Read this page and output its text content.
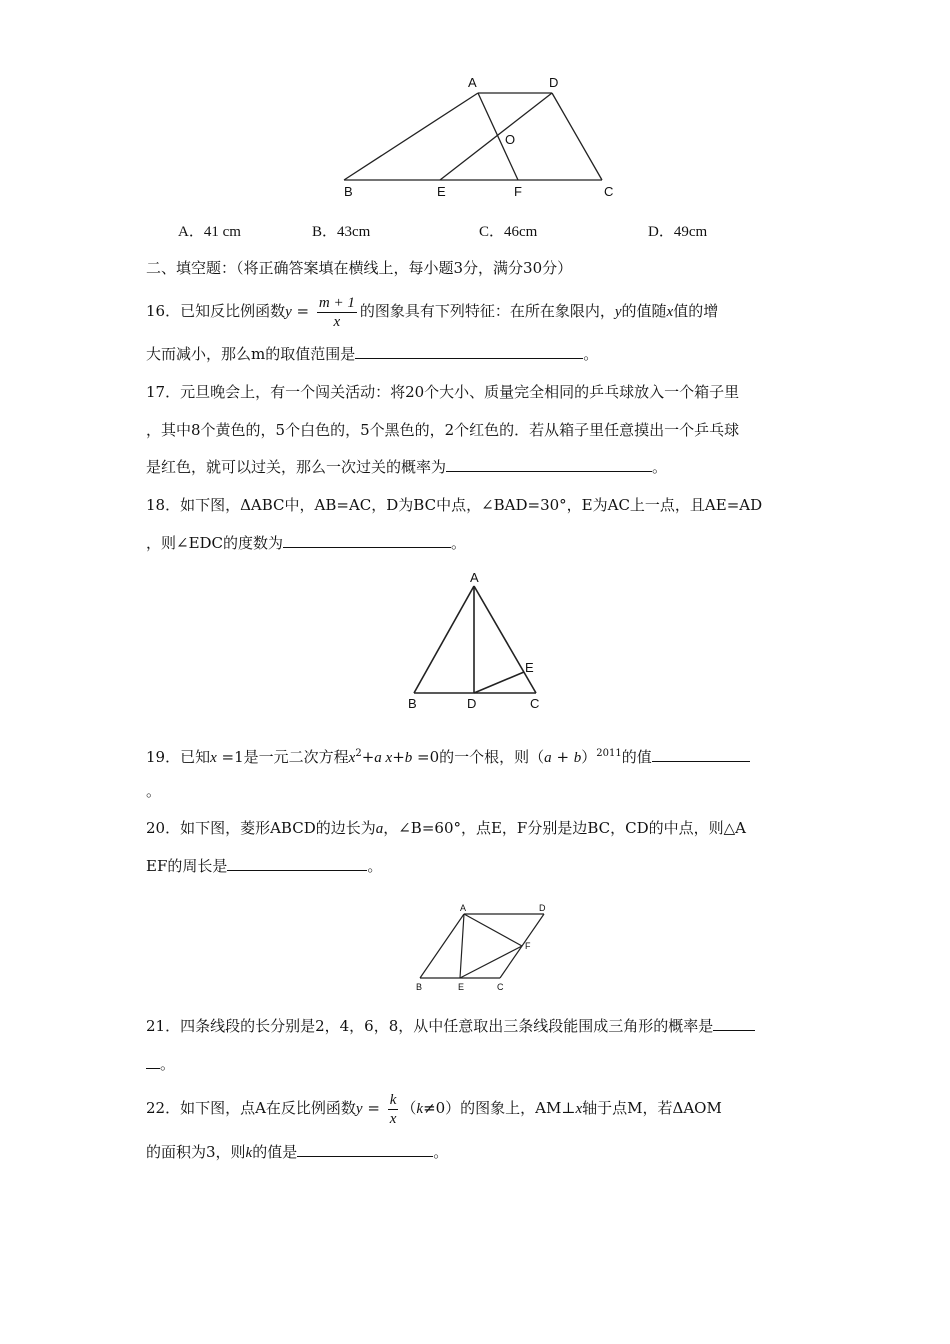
A	D
O
B	E	F	C
A．41 cm	B．43cm	C．46cm	D．49cm
二、填空题：（将正确答案填在横线上，每小题3分，满分30分）
16．已知反比例函数$y = \frac{m + 1}{x}$ 的图象具有下列特征：在所在象限内，y的值随x值的增
大而减小，那么m的取值范围是	。
17．元旦晚会上，有一个闯关活动：将20个大小、质量完全相同的乒乓球放入一个箱子里
，其中8个黄色的，5个白色的，5个黑色的，2个红色的．若从箱子里任意摸出一个乒乓球
是红色，就可以过关，那么一次过关的概率为	。
18．如下图，ΔABC中，AB=AC，D为BC中点，∠BAD=30°，E为AC上一点，且AE=AD
，则∠EDC的度数为	。
A
B	D	C
E
19．已知x =1是一元二次方程$x^2+a$ x+b =0的一个根，则$(a + b)^{2011}$的值
。
20．如下图，菱形ABCD的边长为a，∠B=60°，点E，F分别是边BC，CD的中点，则△A
EF的周长是	。
A	D
F
B	E	C
21．四条线段的长分别是2，4，6，8，从中任意取出三条线段能围成三角形的概率是
。
22．如下图，点A在反比例函数$y = \frac{k}{x} (k\ne 0)$的图象上，AM⊥x轴于点M，若ΔAOM
的面积为3，则k的值是	。
